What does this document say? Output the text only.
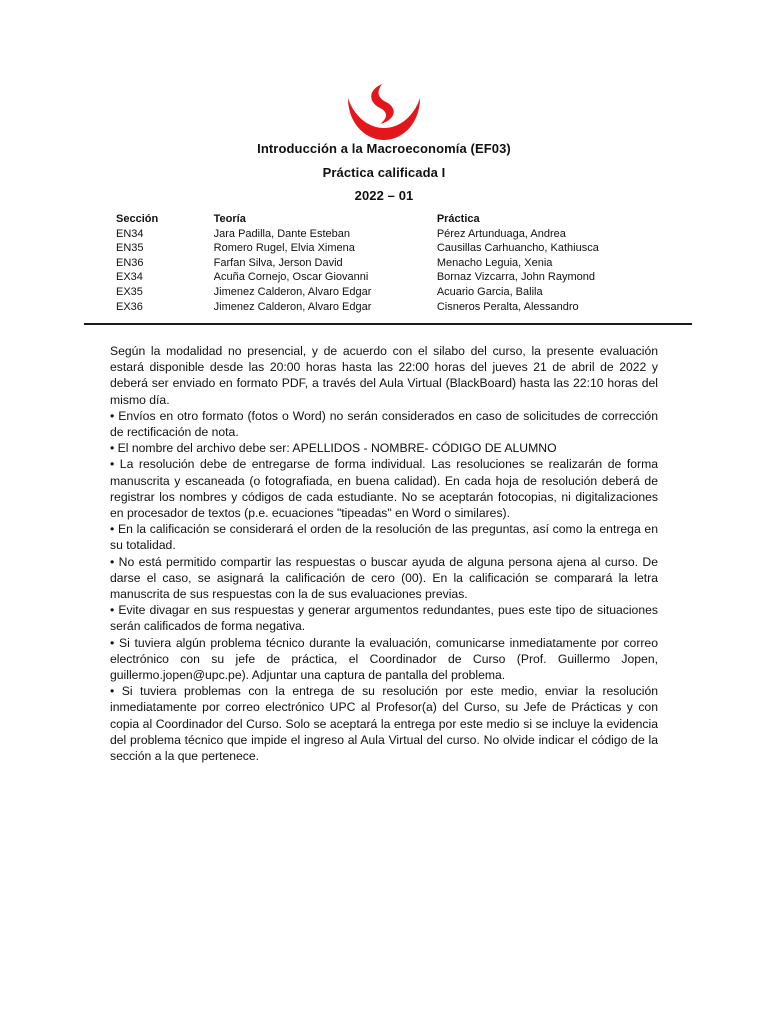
Introducción a la Macroeconomía (EF03)
Práctica calificada I
2022 – 01
Sección	Teoría	Práctica
EN34	Jara Padilla, Dante Esteban	Pérez Artunduaga, Andrea
EN35	Romero Rugel, Elvia Ximena	Causillas Carhuancho, Kathiusca
EN36	Farfan Silva, Jerson David	Menacho Leguia, Xenia
EX34	Acuña Cornejo, Oscar Giovanni	Bornaz Vizcarra, John Raymond
EX35	Jimenez Calderon, Alvaro Edgar	Acuario Garcia, Balila
EX36	Jimenez Calderon, Alvaro Edgar	Cisneros Peralta, Alessandro

Según la modalidad no presencial, y de acuerdo con el silabo del curso, la presente evaluación estará disponible desde las 20:00 horas hasta las 22:00 horas del jueves 21 de abril de 2022 y deberá ser enviado en formato PDF, a través del Aula Virtual (BlackBoard) hasta las 22:10 horas del mismo día.

• Envíos en otro formato (fotos o Word) no serán considerados en caso de solicitudes de corrección de rectificación de nota.

• El nombre del archivo debe ser: APELLIDOS - NOMBRE- CÓDIGO DE ALUMNO

• La resolución debe de entregarse de forma individual. Las resoluciones se realizarán de forma manuscrita y escaneada (o fotografiada, en buena calidad). En cada hoja de resolución deberá de registrar los nombres y códigos de cada estudiante. No se aceptarán fotocopias, ni digitalizaciones en procesador de textos (p.e. ecuaciones "tipeadas" en Word o similares).

• En la calificación se considerará el orden de la resolución de las preguntas, así como la entrega en su totalidad.

• No está permitido compartir las respuestas o buscar ayuda de alguna persona ajena al curso. De darse el caso, se asignará la calificación de cero (00). En la calificación se comparará la letra manuscrita de sus respuestas con la de sus evaluaciones previas.

• Evite divagar en sus respuestas y generar argumentos redundantes, pues este tipo de situaciones serán calificados de forma negativa.

• Si tuviera algún problema técnico durante la evaluación, comunicarse inmediatamente por correo electrónico con su jefe de práctica, el Coordinador de Curso (Prof. Guillermo Jopen, guillermo.jopen@upc.pe). Adjuntar una captura de pantalla del problema.

• Si tuviera problemas con la entrega de su resolución por este medio, enviar la resolución inmediatamente por correo electrónico UPC al Profesor(a) del Curso, su Jefe de Prácticas y con copia al Coordinador del Curso. Solo se aceptará la entrega por este medio si se incluye la evidencia del problema técnico que impide el ingreso al Aula Virtual del curso. No olvide indicar el código de la sección a la que pertenece.
